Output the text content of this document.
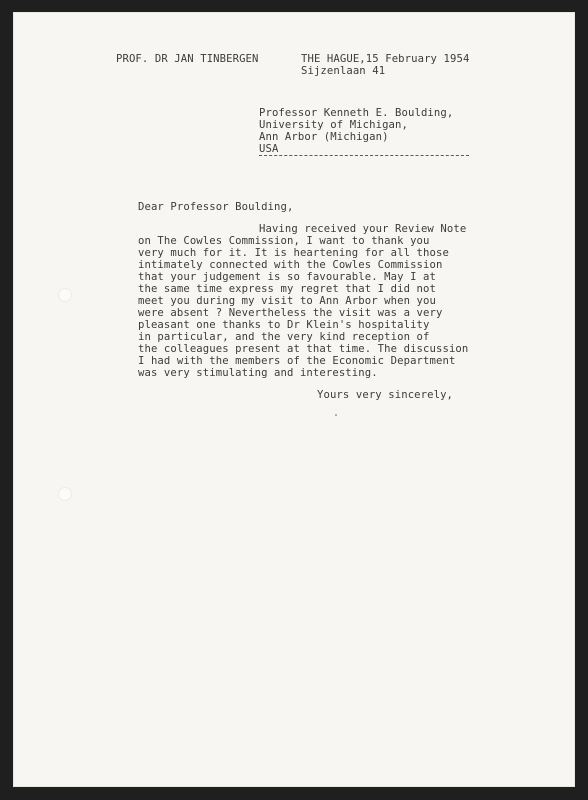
PROF. DR JAN TINBERGEN	THE HAGUE,15 February 1954
Sijzenlaan 41
Professor Kenneth E. Boulding,
University of Michigan,
Ann Arbor (Michigan)
USA
Dear Professor Boulding,
Having received your Review Note
on The Cowles Commission, I want to thank you
very much for it. It is heartening for all those
intimately connected with the Cowles Commission
that your judgement is so favourable. May I at
the same time express my regret that I did not
meet you during my visit to Ann Arbor when you
were absent ? Nevertheless the visit was a very
pleasant one thanks to Dr Klein's hospitality
in particular, and the very kind reception of
the colleagues present at that time. The discussion
I had with the members of the Economic Department
was very stimulating and interesting.
Yours very sincerely,
